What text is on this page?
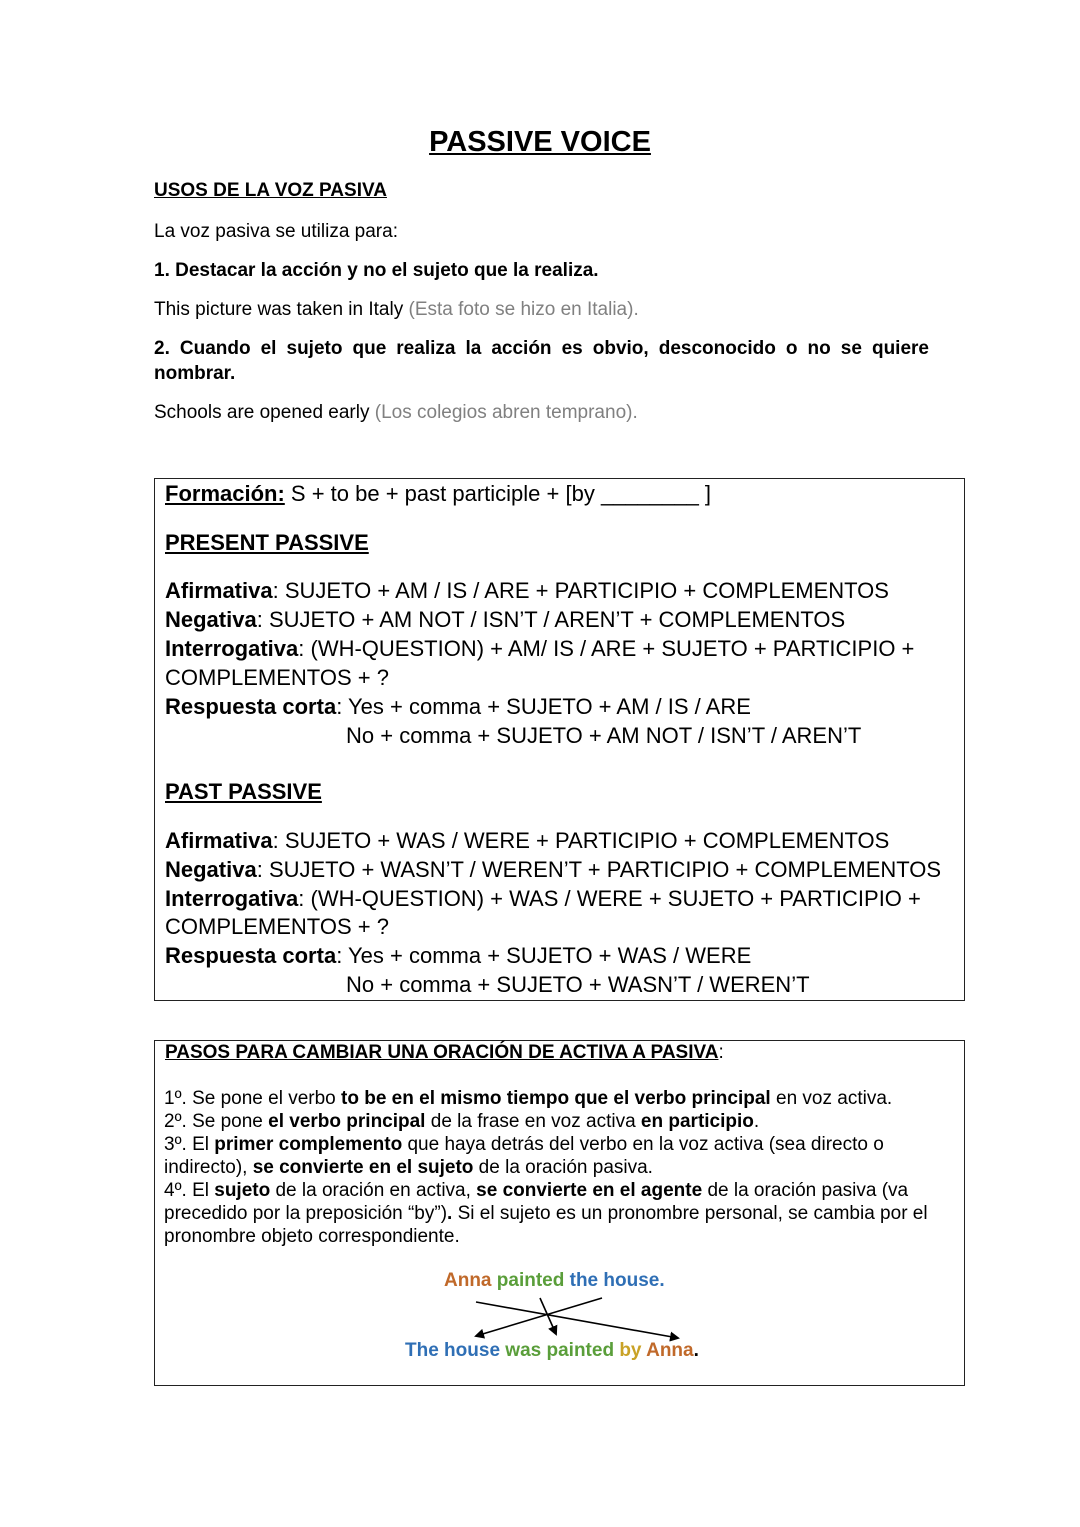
PASSIVE VOICE
USOS DE LA VOZ PASIVA
La voz pasiva se utiliza para:
1. Destacar la acción y no el sujeto que la realiza.
This picture was taken in Italy (Esta foto se hizo en Italia).
2. Cuando el sujeto que realiza la acción es obvio, desconocido o no se quiere nombrar.
Schools are opened early (Los colegios abren temprano).
Formación: S + to be + past participle + [by ________ ]
PRESENT PASSIVE
Afirmativa: SUJETO + AM / IS / ARE + PARTICIPIO + COMPLEMENTOS
Negativa: SUJETO + AM NOT / ISN’T / AREN’T + COMPLEMENTOS
Interrogativa: (WH-QUESTION) + AM/ IS / ARE + SUJETO + PARTICIPIO +
COMPLEMENTOS + ?
Respuesta corta: Yes + comma + SUJETO + AM / IS / ARE
No + comma + SUJETO + AM NOT / ISN’T / AREN’T
PAST PASSIVE
Afirmativa: SUJETO + WAS / WERE + PARTICIPIO + COMPLEMENTOS
Negativa: SUJETO + WASN’T / WEREN’T + PARTICIPIO + COMPLEMENTOS
Interrogativa: (WH-QUESTION) + WAS / WERE + SUJETO + PARTICIPIO +
COMPLEMENTOS + ?
Respuesta corta: Yes + comma + SUJETO + WAS / WERE
No + comma + SUJETO + WASN’T / WEREN’T
PASOS PARA CAMBIAR UNA ORACIÓN DE ACTIVA A PASIVA:
1º. Se pone el verbo to be en el mismo tiempo que el verbo principal en voz activa.
2º. Se pone el verbo principal de la frase en voz activa en participio.
3º. El primer complemento que haya detrás del verbo en la voz activa (sea directo o indirecto), se convierte en el sujeto de la oración pasiva.
4º. El sujeto de la oración en activa, se convierte en el agente de la oración pasiva (va precedido por la preposición “by”). Si el sujeto es un pronombre personal, se cambia por el pronombre objeto correspondiente.
Anna painted the house.
The house was painted by Anna.
